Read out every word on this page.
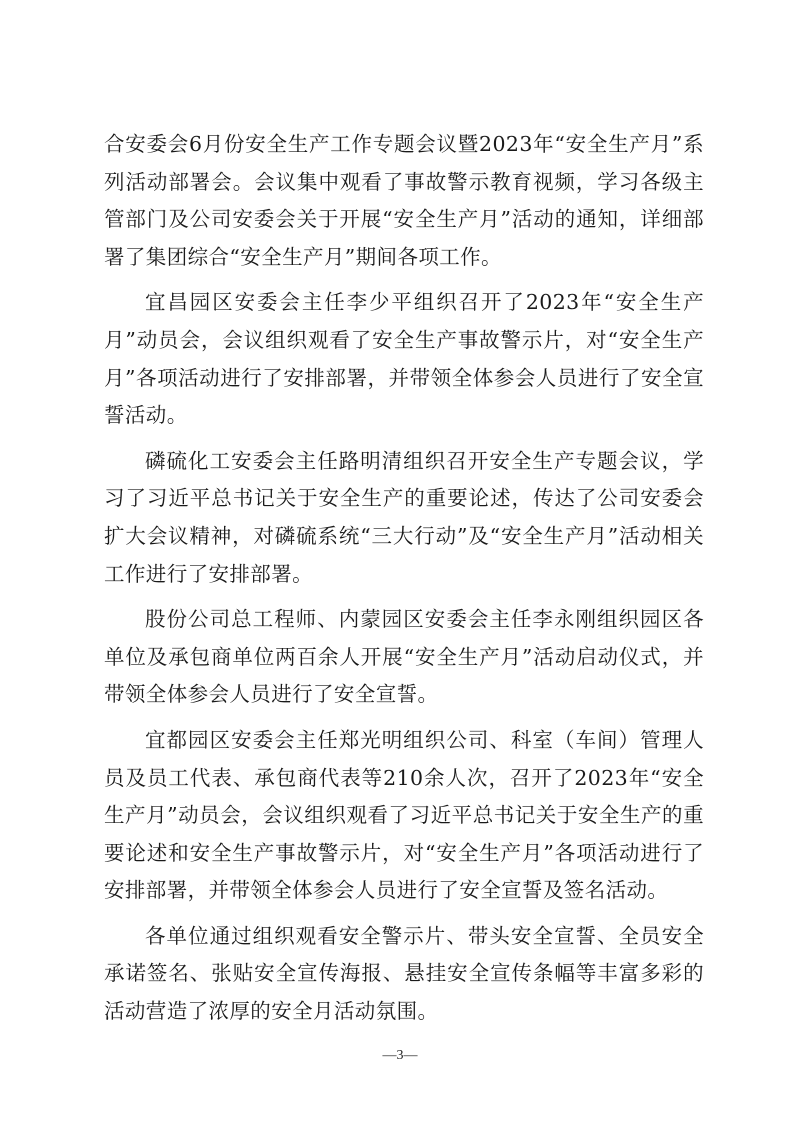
合安委会6月份安全生产工作专题会议暨2023年“安全生产月”系列活动部署会。会议集中观看了事故警示教育视频，学习各级主管部门及公司安委会关于开展“安全生产月”活动的通知，详细部署了集团综合“安全生产月”期间各项工作。

宜昌园区安委会主任李少平组织召开了2023年“安全生产月”动员会，会议组织观看了安全生产事故警示片，对“安全生产月”各项活动进行了安排部署，并带领全体参会人员进行了安全宣誓活动。

磷硫化工安委会主任路明清组织召开安全生产专题会议，学习了习近平总书记关于安全生产的重要论述，传达了公司安委会扩大会议精神，对磷硫系统“三大行动”及“安全生产月”活动相关工作进行了安排部署。

股份公司总工程师、内蒙园区安委会主任李永刚组织园区各单位及承包商单位两百余人开展“安全生产月”活动启动仪式，并带领全体参会人员进行了安全宣誓。

宜都园区安委会主任郑光明组织公司、科室（车间）管理人员及员工代表、承包商代表等210余人次，召开了2023年“安全生产月”动员会，会议组织观看了习近平总书记关于安全生产的重要论述和安全生产事故警示片，对“安全生产月”各项活动进行了安排部署，并带领全体参会人员进行了安全宣誓及签名活动。

各单位通过组织观看安全警示片、带头安全宣誓、全员安全承诺签名、张贴安全宣传海报、悬挂安全宣传条幅等丰富多彩的活动营造了浓厚的安全月活动氛围。

—3—
